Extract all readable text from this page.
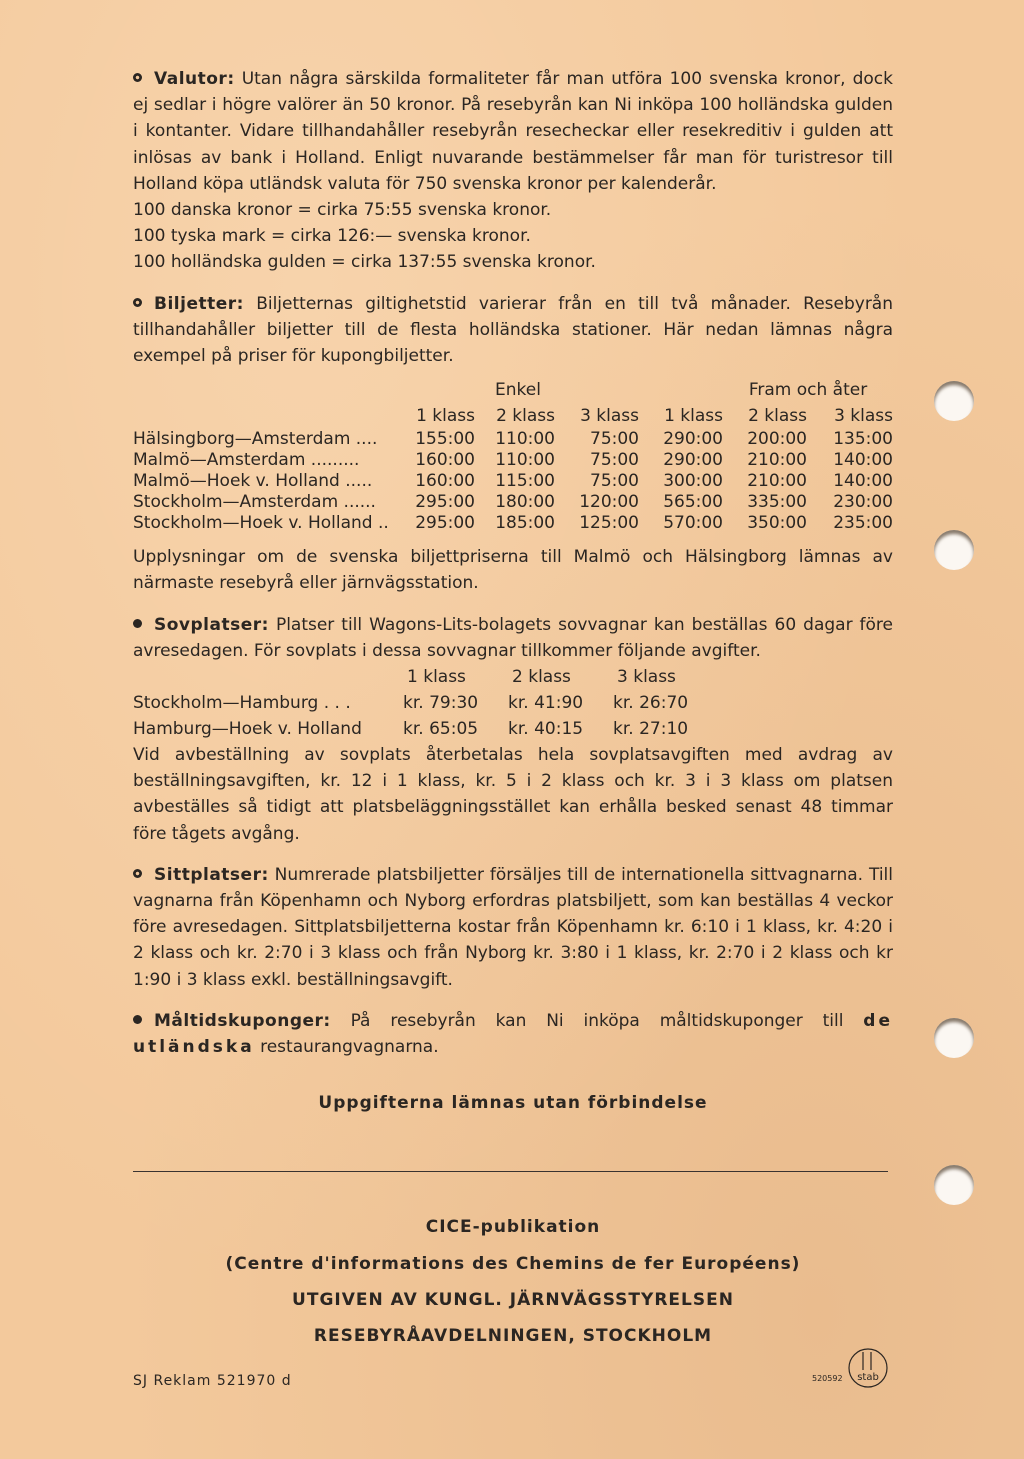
Valutor: Utan några särskilda formaliteter får man utföra 100 svenska kronor, dock ej sedlar i högre valörer än 50 kronor. På resebyrån kan Ni inköpa 100 holländska gulden i kontanter. Vidare tillhandahåller resebyrån resecheckar eller resekreditiv i gulden att inlösas av bank i Holland. Enligt nuvarande bestämmelser får man för turistresor till Holland köpa utländsk valuta för 750 svenska kronor per kalenderår.

100 danska kronor = cirka 75:55 svenska kronor.
100 tyska mark = cirka 126:— svenska kronor.
100 holländska gulden = cirka 137:55 svenska kronor.

Biljetter: Biljetternas giltighetstid varierar från en till två månader. Resebyrån tillhandahåller biljetter till de flesta holländska stationer. Här nedan lämnas några exempel på priser för kupongbiljetter.

		Enkel			Fram och åter	
	1 klass	2 klass	3 klass	1 klass	2 klass	3 klass
Hälsingborg—Amsterdam ....	155:00	110:00	75:00	290:00	200:00	135:00
Malmö—Amsterdam .........	160:00	110:00	75:00	290:00	210:00	140:00
Malmö—Hoek v. Holland .....	160:00	115:00	75:00	300:00	210:00	140:00
Stockholm—Amsterdam ......	295:00	180:00	120:00	565:00	335:00	230:00
Stockholm—Hoek v. Holland ..	295:00	185:00	125:00	570:00	350:00	235:00

Upplysningar om de svenska biljettpriserna till Malmö och Hälsingborg lämnas av närmaste resebyrå eller järnvägsstation.

Sovplatser: Platser till Wagons-Lits-bolagets sovvagnar kan beställas 60 dagar före avresedagen. För sovplats i dessa sovvagnar tillkommer följande avgifter.

	1 klass	2 klass	3 klass
Stockholm—Hamburg . . .	kr. 79:30	kr. 41:90	kr. 26:70
Hamburg—Hoek v. Holland	kr. 65:05	kr. 40:15	kr. 27:10

Vid avbeställning av sovplats återbetalas hela sovplatsavgiften med avdrag av beställningsavgiften, kr. 12 i 1 klass, kr. 5 i 2 klass och kr. 3 i 3 klass om platsen avbeställes så tidigt att platsbeläggningsstället kan erhålla besked senast 48 timmar före tågets avgång.

Sittplatser: Numrerade platsbiljetter försäljes till de internationella sittvagnarna. Till vagnarna från Köpenhamn och Nyborg erfordras platsbiljett, som kan beställas 4 veckor före avresedagen. Sittplatsbiljetterna kostar från Köpenhamn kr. 6:10 i 1 klass, kr. 4:20 i 2 klass och kr. 2:70 i 3 klass och från Nyborg kr. 3:80 i 1 klass, kr. 2:70 i 2 klass och kr 1:90 i 3 klass exkl. beställningsavgift.

Måltidskuponger: På resebyrån kan Ni inköpa måltidskuponger till de utländska restaurangvagnarna.

Uppgifterna lämnas utan förbindelse

CICE-publikation
(Centre d'informations des Chemins de fer Européens)
UTGIVEN AV KUNGL. JÄRNVÄGSSTYRELSEN
RESEBYRÅAVDELNINGEN, STOCKHOLM
SJ Reklam 521970 d	520592 stab
